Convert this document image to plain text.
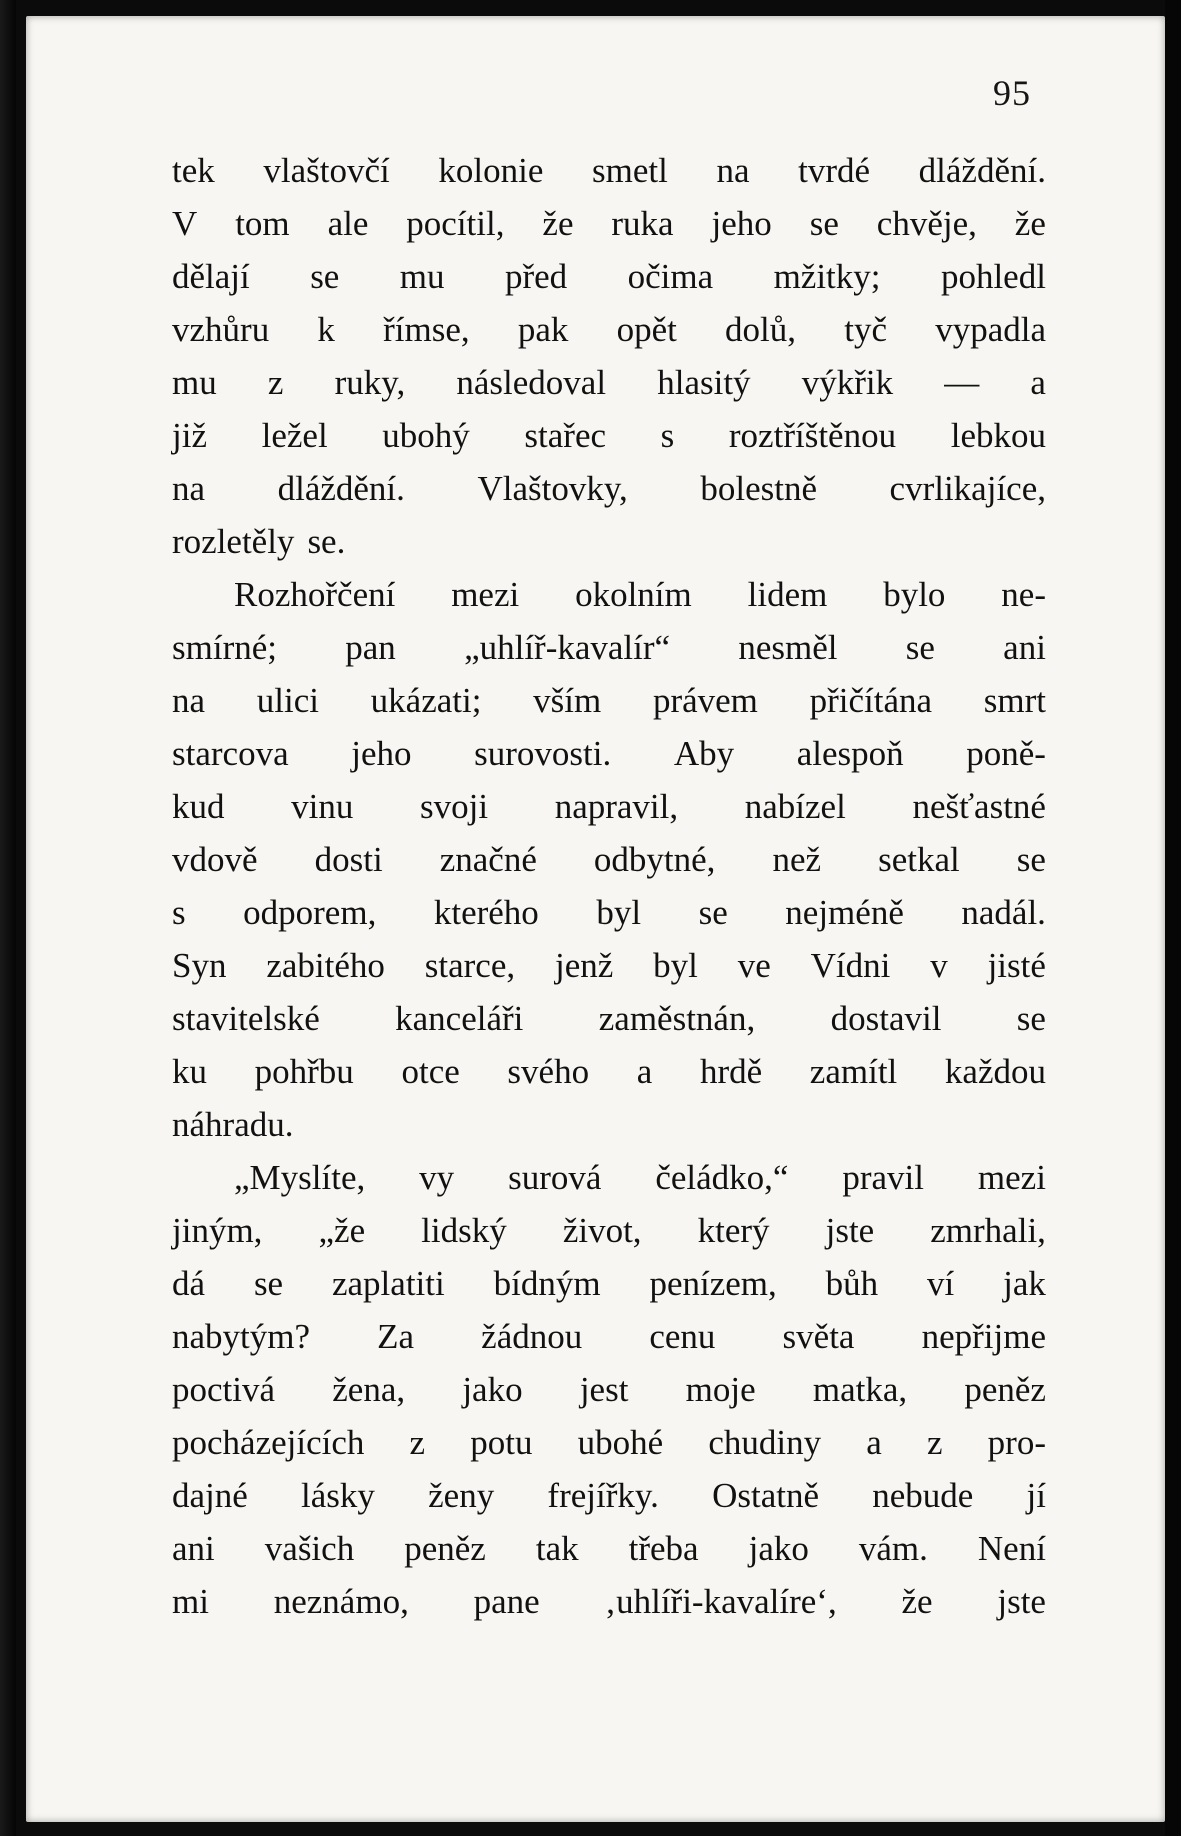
95
tek vlaštovčí kolonie smetl na tvrdé dláždění.
V tom ale pocítil, že ruka jeho se chvěje, že
dělají se mu před očima mžitky; pohledl
vzhůru k římse, pak opět dolů, tyč vypadla
mu z ruky, následoval hlasitý výkřik — a
již ležel ubohý stařec s roztříštěnou lebkou
na dláždění. Vlaštovky, bolestně cvrlikajíce,
rozletěly se.
Rozhořčení mezi okolním lidem bylo ne-
smírné; pan „uhlíř-kavalír“ nesměl se ani
na ulici ukázati; vším právem přičítána smrt
starcova jeho surovosti. Aby alespoň poně-
kud vinu svoji napravil, nabízel nešťastné
vdově dosti značné odbytné, než setkal se
s odporem, kterého byl se nejméně nadál.
Syn zabitého starce, jenž byl ve Vídni v jisté
stavitelské kanceláři zaměstnán, dostavil se
ku pohřbu otce svého a hrdě zamítl každou
náhradu.
„Myslíte, vy surová čeládko,“ pravil mezi
jiným, „že lidský život, který jste zmrhali,
dá se zaplatiti bídným penízem, bůh ví jak
nabytým? Za žádnou cenu světa nepřijme
poctivá žena, jako jest moje matka, peněz
pocházejících z potu ubohé chudiny a z pro-
dajné lásky ženy frejířky. Ostatně nebude jí
ani vašich peněz tak třeba jako vám. Není
mi neznámo, pane ‚uhlíři-kavalíre‘, že jste
